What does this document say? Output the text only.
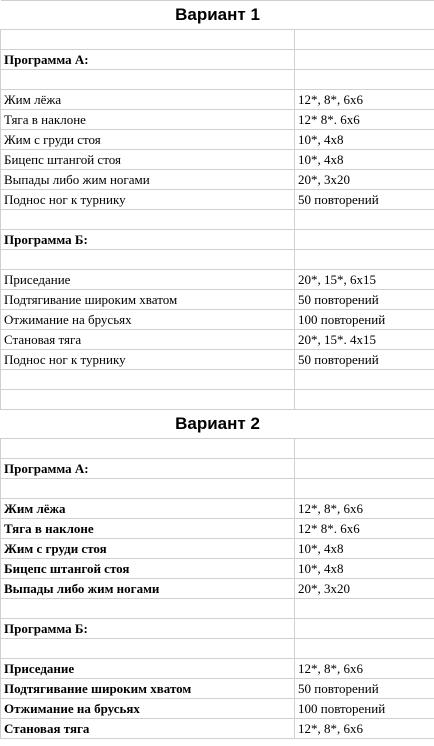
Вариант 1	

Программа А:	

Жим лёжа	12*, 8*, 6х6
Тяга в наклоне	12* 8*. 6х6
Жим с груди стоя	10*, 4х8
Бицепс штангой стоя	10*, 4х8
Выпады либо жим ногами	20*, 3х20
Поднос ног к турнику	50 повторений

Программа Б:	

Приседание	20*, 15*, 6х15
Подтягивание широким хватом	50 повторений
Отжимание на брусьях	100 повторений
Становая тяга	20*, 15*. 4х15
Поднос ног к турнику	50 повторений

Вариант 2	

Программа А:	

Жим лёжа	12*, 8*, 6х6
Тяга в наклоне	12* 8*. 6х6
Жим с груди стоя	10*, 4х8
Бицепс штангой стоя	10*, 4х8
Выпады либо жим ногами	20*, 3х20

Программа Б:	

Приседание	12*, 8*, 6х6
Подтягивание широким хватом	50 повторений
Отжимание на брусьях	100 повторений
Становая тяга	12*, 8*, 6х6
